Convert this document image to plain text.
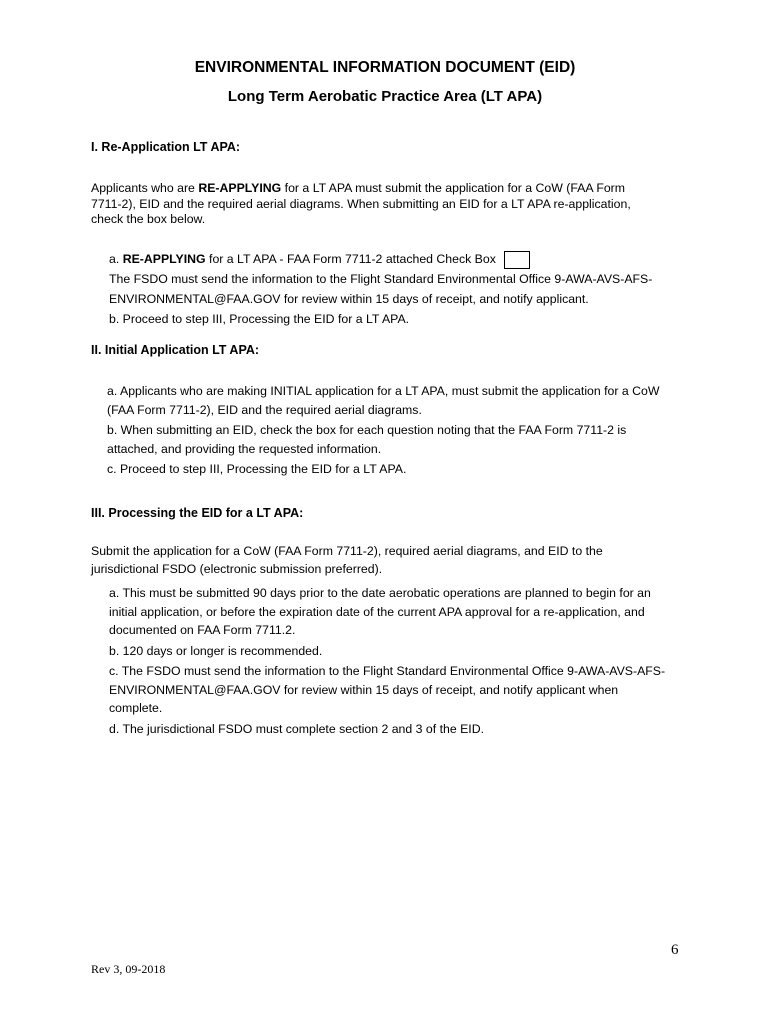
ENVIRONMENTAL INFORMATION DOCUMENT (EID)
Long Term Aerobatic Practice Area (LT APA)

I. Re-Application LT APA:

Applicants who are RE-APPLYING for a LT APA must submit the application for a CoW (FAA Form
7711-2), EID and the required aerial diagrams. When submitting an EID for a LT APA re-application,
check the box below.
a. RE-APPLYING for a LT APA - FAA Form 7711-2 attached Check Box
The FSDO must send the information to the Flight Standard Environmental Office 9-AWA-AVS-AFS-
ENVIRONMENTAL@FAA.GOV for review within 15 days of receipt, and notify applicant.
b. Proceed to step III, Processing the EID for a LT APA.

II. Initial Application LT APA:

a. Applicants who are making INITIAL application for a LT APA, must submit the application for a CoW
(FAA Form 7711-2), EID and the required aerial diagrams.
b. When submitting an EID, check the box for each question noting that the FAA Form 7711-2 is
attached, and providing the requested information.
c. Proceed to step III, Processing the EID for a LT APA.

III. Processing the EID for a LT APA:

Submit the application for a CoW (FAA Form 7711-2), required aerial diagrams, and EID to the
jurisdictional FSDO (electronic submission preferred).
a. This must be submitted 90 days prior to the date aerobatic operations are planned to begin for an
initial application, or before the expiration date of the current APA approval for a re-application, and
documented on FAA Form 7711.2.
b. 120 days or longer is recommended.
c. The FSDO must send the information to the Flight Standard Environmental Office 9-AWA-AVS-AFS-
ENVIRONMENTAL@FAA.GOV for review within 15 days of receipt, and notify applicant when
complete.
d. The jurisdictional FSDO must complete section 2 and 3 of the EID.

6

Rev 3, 09-2018
